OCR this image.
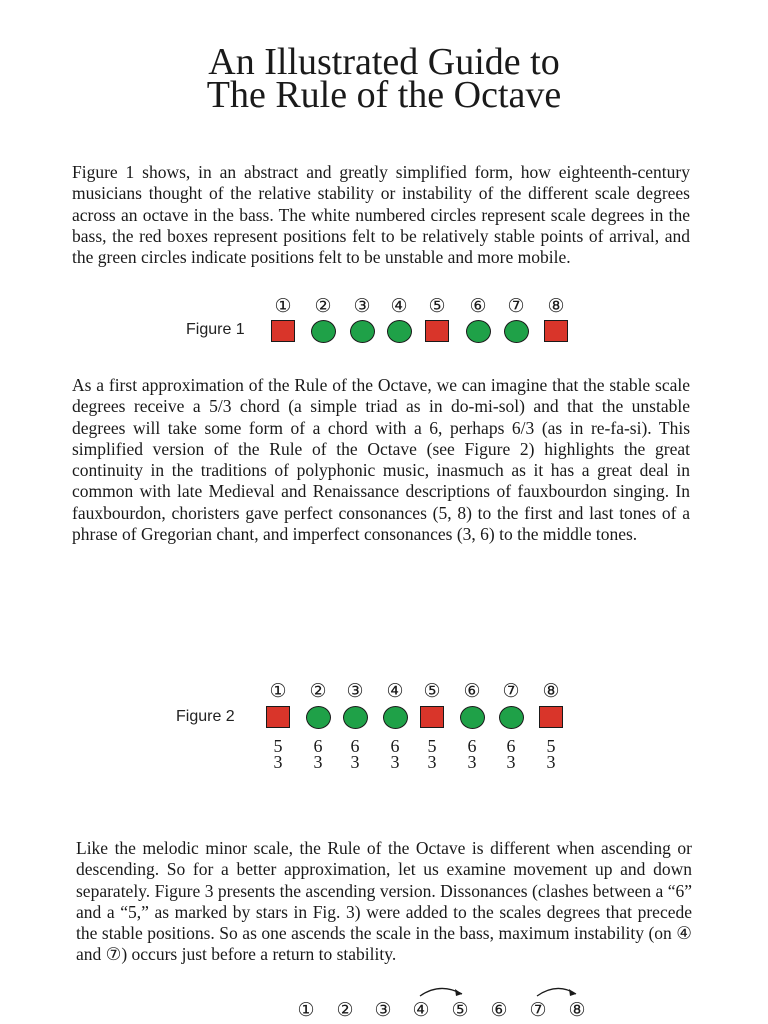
An Illustrated Guide to
The Rule of the Octave

Figure 1 shows, in an abstract and greatly simplified form, how eighteenth-century musicians thought of the relative stability or instability of the different scale degrees across an octave in the bass. The white numbered circles represent scale degrees in the bass, the red boxes represent positions felt to be relatively stable points of arrival, and the green circles indicate positions felt to be unstable and more mobile.

Figure 1
① ② ③ ④ ⑤ ⑥ ⑦ ⑧

As a first approximation of the Rule of the Octave, we can imagine that the stable scale degrees receive a 5/3 chord (a simple triad as in do-mi-sol) and that the unstable degrees will take some form of a chord with a 6, perhaps 6/3 (as in re-fa-si). This simplified version of the Rule of the Octave (see Figure 2) highlights the great continuity in the traditions of polyphonic music, inasmuch as it has a great deal in common with late Medieval and Renaissance descriptions of fauxbourdon singing. In fauxbourdon, choristers gave perfect consonances (5, 8) to the first and last tones of a phrase of Gregorian chant, and imperfect consonances (3, 6) to the middle tones.

Figure 2
① ② ③ ④ ⑤ ⑥ ⑦ ⑧
5
3
6
3
6
3
6
3
5
3
6
3
6
3
5
3

Like the melodic minor scale, the Rule of the Octave is different when ascending or descending. So for a better approximation, let us examine movement up and down separately. Figure 3 presents the ascending version. Dissonances (clashes between a “6” and a “5,” as marked by stars in Fig. 3) were added to the scales degrees that precede the stable positions. So as one ascends the scale in the bass, maximum instability (on ④ and ⑦) occurs just before a return to stability.

① ② ③ ④ ⑤ ⑥ ⑦ ⑧
